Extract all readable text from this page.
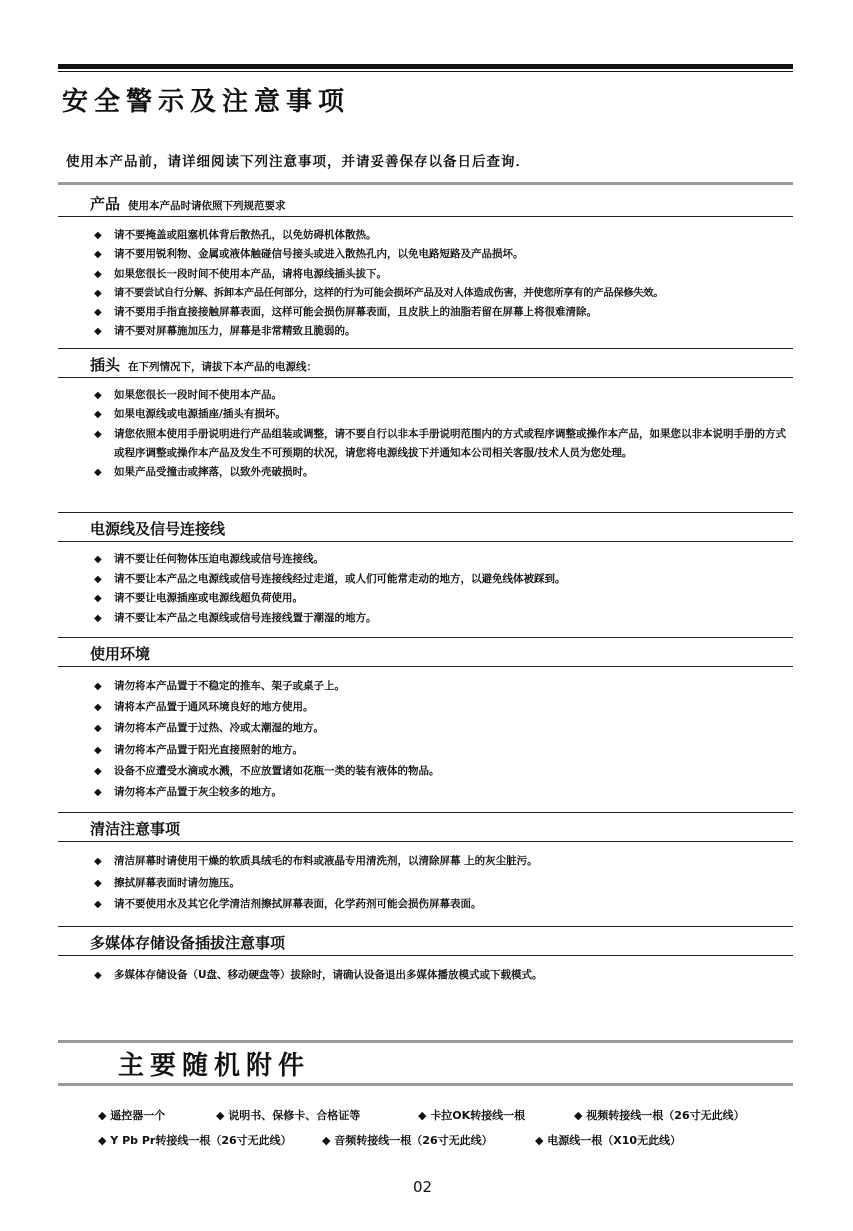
安全警示及注意事项
使用本产品前，请详细阅读下列注意事项，并请妥善保存以备日后查询．
产品 使用本产品时请依照下列规范要求
◆ 请不要掩盖或阻塞机体背后散热孔，以免妨碍机体散热。
◆ 请不要用锐利物、金属或液体触碰信号接头或进入散热孔内，以免电路短路及产品损坏。
◆ 如果您很长一段时间不使用本产品，请将电源线插头拔下。
◆ 请不要尝试自行分解、拆卸本产品任何部分，这样的行为可能会损坏产品及对人体造成伤害，并使您所享有的产品保修失效。
◆ 请不要用手指直接接触屏幕表面，这样可能会损伤屏幕表面，且皮肤上的油脂若留在屏幕上将很难清除。
◆ 请不要对屏幕施加压力，屏幕是非常精致且脆弱的。
插头 在下列情况下，请拔下本产品的电源线：
◆ 如果您很长一段时间不使用本产品。
◆ 如果电源线或电源插座/插头有损坏。
◆ 请您依照本使用手册说明进行产品组装或调整，请不要自行以非本手册说明范围内的方式或程序调整或操作本产品，如果您以非本说明手册的方式或程序调整或操作本产品及发生不可预期的状况，请您将电源线拔下并通知本公司相关客服/技术人员为您处理。
◆ 如果产品受撞击或摔落，以致外壳破损时。
电源线及信号连接线
◆ 请不要让任何物体压迫电源线或信号连接线。
◆ 请不要让本产品之电源线或信号连接线经过走道，或人们可能常走动的地方，以避免线体被踩到。
◆ 请不要让电源插座或电源线超负荷使用。
◆ 请不要让本产品之电源线或信号连接线置于潮湿的地方。
使用环境
◆ 请勿将本产品置于不稳定的推车、架子或桌子上。
◆ 请将本产品置于通风环境良好的地方使用。
◆ 请勿将本产品置于过热、冷或太潮湿的地方。
◆ 请勿将本产品置于阳光直接照射的地方。
◆ 设备不应遭受水滴或水溅，不应放置诸如花瓶一类的装有液体的物品。
◆ 请勿将本产品置于灰尘较多的地方。
清洁注意事项
◆ 清洁屏幕时请使用干燥的软质具绒毛的布料或液晶专用清洗剂，以清除屏幕 上的灰尘脏污。
◆ 擦拭屏幕表面时请勿施压。
◆ 请不要使用水及其它化学清洁剂擦拭屏幕表面，化学药剂可能会损伤屏幕表面。
多媒体存储设备插拔注意事项
◆ 多媒体存储设备（U盘、移动硬盘等）拔除时，请确认设备退出多媒体播放模式或下载模式。
主要随机附件
◆ 遥控器一个	◆ 说明书、保修卡、合格证等	◆ 卡拉OK转接线一根	◆ 视频转接线一根（26寸无此线）
◆ Y Pb Pr转接线一根（26寸无此线）	◆ 音频转接线一根（26寸无此线）	◆ 电源线一根（X10无此线）
02
